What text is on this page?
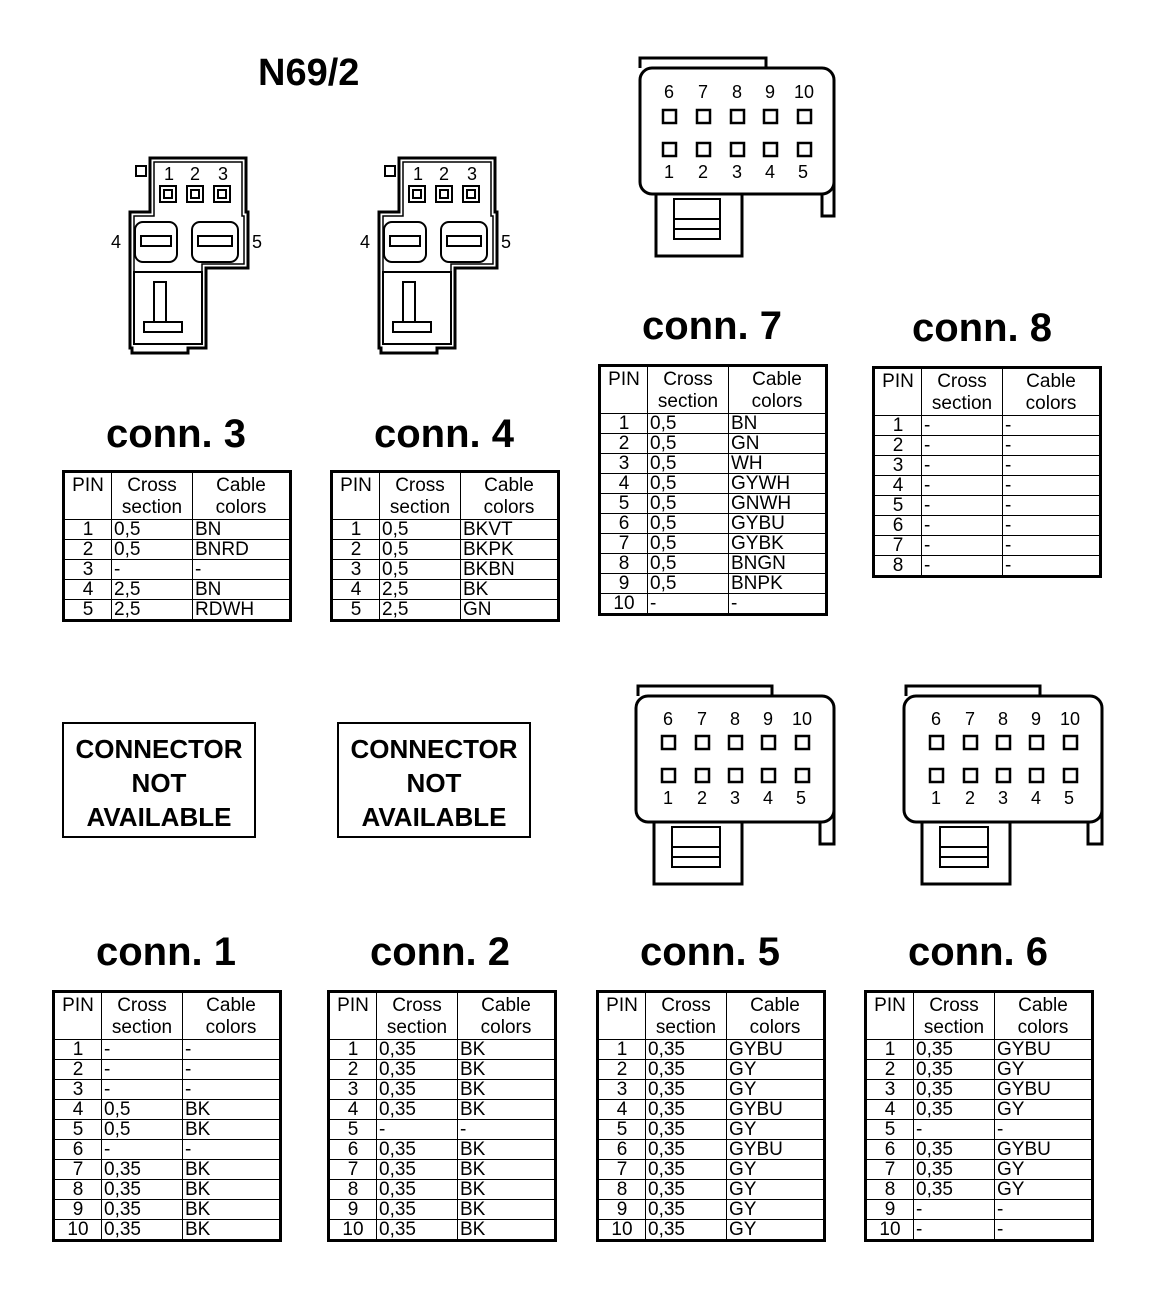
N69/2
1 2 3
4	5
1 2 3
4	5
6 7 8 9 10
1 2 3 4 5
6 7 8 9 10
1 2 3 4 5
6 7 8 9 10
1 2 3 4 5
CONNECTOR
NOT
AVAILABLE
CONNECTOR
NOT
AVAILABLE
conn. 3	conn. 4
conn. 7	conn. 8
conn. 1	conn. 2	conn. 5	conn. 6
PIN	Cross section	Cable colors
1	0,5	BN
2	0,5	BNRD
3	-	-
4	2,5	BN
5	2,5	RDWH
PIN	Cross section	Cable colors
1	0,5	BKVT
2	0,5	BKPK
3	0,5	BKBN
4	2,5	BK
5	2,5	GN
PIN	Cross section	Cable colors
1	0,5	BN
2	0,5	GN
3	0,5	WH
4	0,5	GYWH
5	0,5	GNWH
6	0,5	GYBU
7	0,5	GYBK
8	0,5	BNGN
9	0,5	BNPK
10	-	-
PIN	Cross section	Cable colors
1	-	-
2	-	-
3	-	-
4	-	-
5	-	-
6	-	-
7	-	-
8	-	-
PIN	Cross section	Cable colors
1	-	-
2	-	-
3	-	-
4	0,5	BK
5	0,5	BK
6	-	-
7	0,35	BK
8	0,35	BK
9	0,35	BK
10	0,35	BK
PIN	Cross section	Cable colors
1	0,35	BK
2	0,35	BK
3	0,35	BK
4	0,35	BK
5	-	-
6	0,35	BK
7	0,35	BK
8	0,35	BK
9	0,35	BK
10	0,35	BK
PIN	Cross section	Cable colors
1	0,35	GYBU
2	0,35	GY
3	0,35	GY
4	0,35	GYBU
5	0,35	GY
6	0,35	GYBU
7	0,35	GY
8	0,35	GY
9	0,35	GY
10	0,35	GY
PIN	Cross section	Cable colors
1	0,35	GYBU
2	0,35	GY
3	0,35	GYBU
4	0,35	GY
5	-	-
6	0,35	GYBU
7	0,35	GY
8	0,35	GY
9	-	-
10	-	-
